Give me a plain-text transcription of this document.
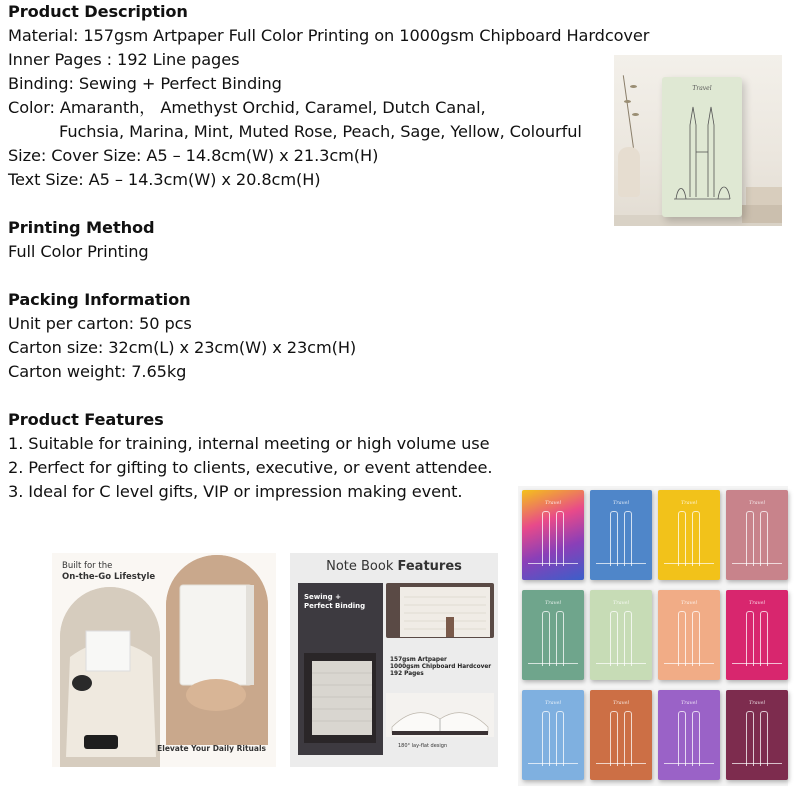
Product Description
Material: 157gsm Artpaper Full Color Printing on 1000gsm Chipboard Hardcover
Inner Pages : 192 Line pages
Binding: Sewing + Perfect Binding
Color: Amaranth， Amethyst Orchid, Caramel, Dutch Canal,
Fuchsia, Marina, Mint, Muted Rose, Peach, Sage, Yellow, Colourful
Size: Cover Size: A5 – 14.8cm(W) x 21.3cm(H)
Text Size: A5 – 14.3cm(W) x 20.8cm(H)
Printing Method
Full Color Printing
Packing Information
Unit per carton: 50 pcs
Carton size: 32cm(L) x 23cm(W) x 23cm(H)
Carton weight: 7.65kg
Product Features
1. Suitable for training, internal meeting or high volume use
2. Perfect for gifting to clients, executive, or event attendee.
3. Ideal for C level gifts, VIP or impression making event.
Travel
Built for the
On-the-Go Lifestyle
Elevate Your Daily Rituals
Note Book Features
Sewing +
Perfect Binding
157gsm Artpaper
1000gsm Chipboard Hardcover
192 Pages
180° lay-flat design
Travel	Travel	Travel	Travel
Travel	Travel	Travel	Travel
Travel	Travel	Travel	Travel
